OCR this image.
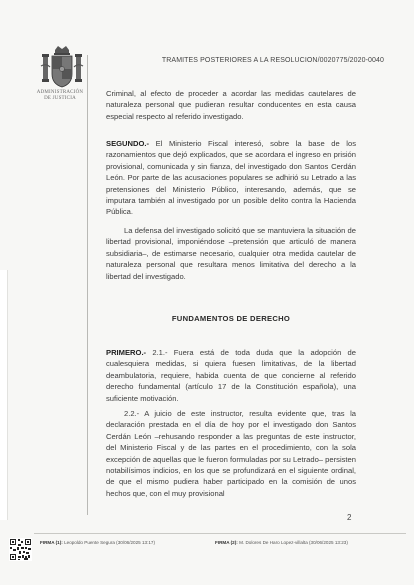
ADMINISTRACIÓN
DE JUSTICIA
TRAMITES POSTERIORES A LA RESOLUCION/0020775/2020-0040
Criminal, al efecto de proceder a acordar las medidas cautelares de naturaleza personal que pudieran resultar conducentes en esta causa especial respecto al referido investigado.
SEGUNDO.- El Ministerio Fiscal interesó, sobre la base de los razonamientos que dejó explicados, que se acordara el ingreso en prisión provisional, comunicada y sin fianza, del investigado don Santos Cerdán León. Por parte de las acusaciones populares se adhirió su Letrado a las pretensiones del Ministerio Público, interesando, además, que se imputara también al investigado por un posible delito contra la Hacienda Pública.
La defensa del investigado solicitó que se mantuviera la situación de libertad provisional, imponiéndose –pretensión que articuló de manera subsidiaria–, de estimarse necesario, cualquier otra medida cautelar de naturaleza personal que resultara menos limitativa del derecho a la libertad del investigado.
FUNDAMENTOS DE DERECHO
PRIMERO.- 2.1.- Fuera está de toda duda que la adopción de cualesquiera medidas, si quiera fuesen limitativas, de la libertad deambulatoria, requiere, habida cuenta de que concierne al referido derecho fundamental (artículo 17 de la Constitución española), una suficiente motivación.
2.2.- A juicio de este instructor, resulta evidente que, tras la declaración prestada en el día de hoy por el investigado don Santos Cerdán León –rehusando responder a las preguntas de este instructor, del Ministerio Fiscal y de las partes en el procedimiento, con la sola excepción de aquellas que le fueron formuladas por su Letrado– persisten notabilísimos indicios, en los que se profundizará en el siguiente ordinal, de que el mismo pudiera haber participado en la comisión de unos hechos que, con el muy provisional
2
FIRMA (1): Leopoldo Puente Segura (30/06/2025 13:17)	FIRMA (2): M. Dolores De Haro Lopez-villalta (30/06/2025 13:23)
